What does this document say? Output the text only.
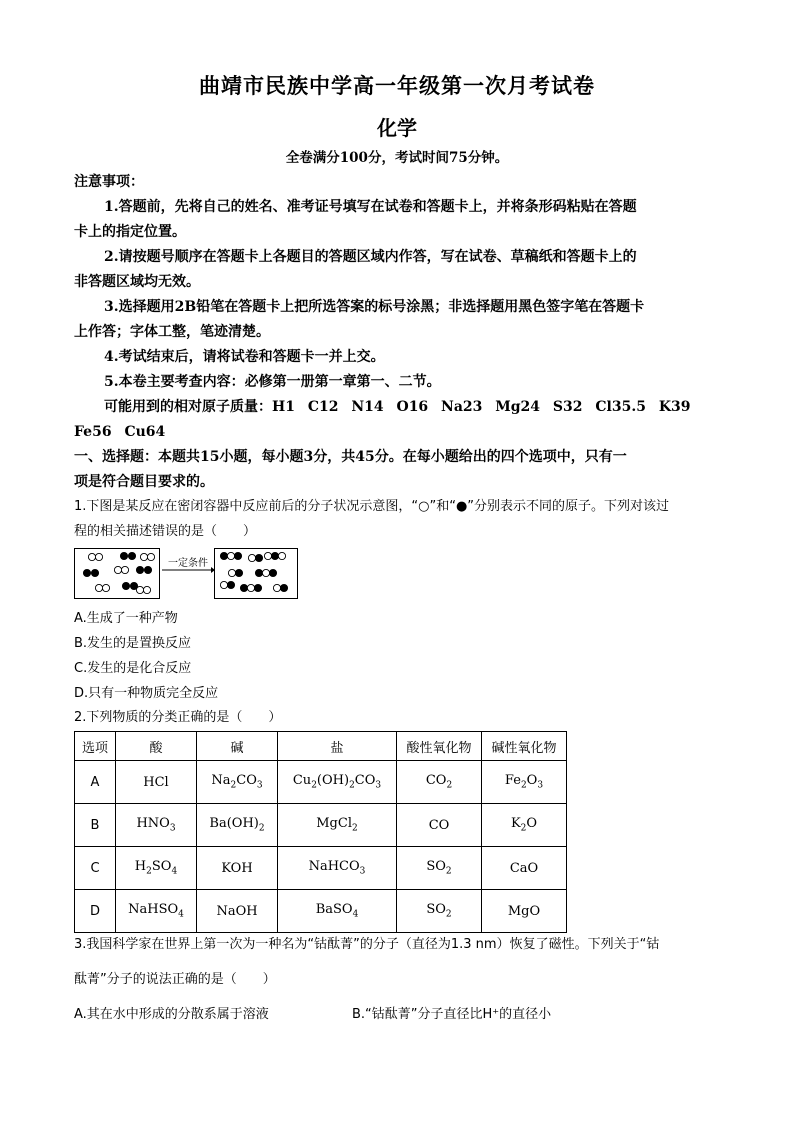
曲靖市民族中学高一年级第一次月考试卷
化学
全卷满分100分，考试时间75分钟。
注意事项：
1.答题前，先将自己的姓名、准考证号填写在试卷和答题卡上，并将条形码粘贴在答题
卡上的指定位置。
2.请按题号顺序在答题卡上各题目的答题区域内作答，写在试卷、草稿纸和答题卡上的
非答题区域均无效。
3.选择题用2B铅笔在答题卡上把所选答案的标号涂黑；非选择题用黑色签字笔在答题卡
上作答；字体工整，笔迹清楚。
4.考试结束后，请将试卷和答题卡一并上交。
5.本卷主要考查内容：必修第一册第一章第一、二节。
可能用到的相对原子质量：H1 C12 N14 O16 Na23 Mg24 S32 Cl35.5 K39
Fe56 Cu64
一、选择题：本题共15小题，每小题3分，共45分。在每小题给出的四个选项中，只有一
项是符合题目要求的。
1.下图是某反应在密闭容器中反应前后的分子状况示意图，“○”和“●”分别表示不同的原子。下列对该过
程的相关描述错误的是（　　）
一定条件
A.生成了一种产物
B.发生的是置换反应
C.发生的是化合反应
D.只有一种物质完全反应
2.下列物质的分类正确的是（　　）
选项	酸	碱	盐	酸性氧化物	碱性氧化物
A	HCl	$Na_2CO_3$	$Cu_2(OH)_2CO_3$	$CO_2$	$Fe_2O_3$
B	$HNO_3$	$Ba(OH)_2$	MgCl$_2$	CO	$K_2O$
C	$H_2SO_4$	KOH	NaHCO$_3$	$SO_2$	CaO
D	NaHSO$_4$	NaOH	BaSO$_4$	$SO_2$	MgO
3.我国科学家在世界上第一次为一种名为“钴酞菁”的分子（直径为1.3 nm）恢复了磁性。下列关于“钴
酞菁”分子的说法正确的是（　　）
A.其在水中形成的分散系属于溶液	B.“钴酞菁”分子直径比H⁺的直径小
